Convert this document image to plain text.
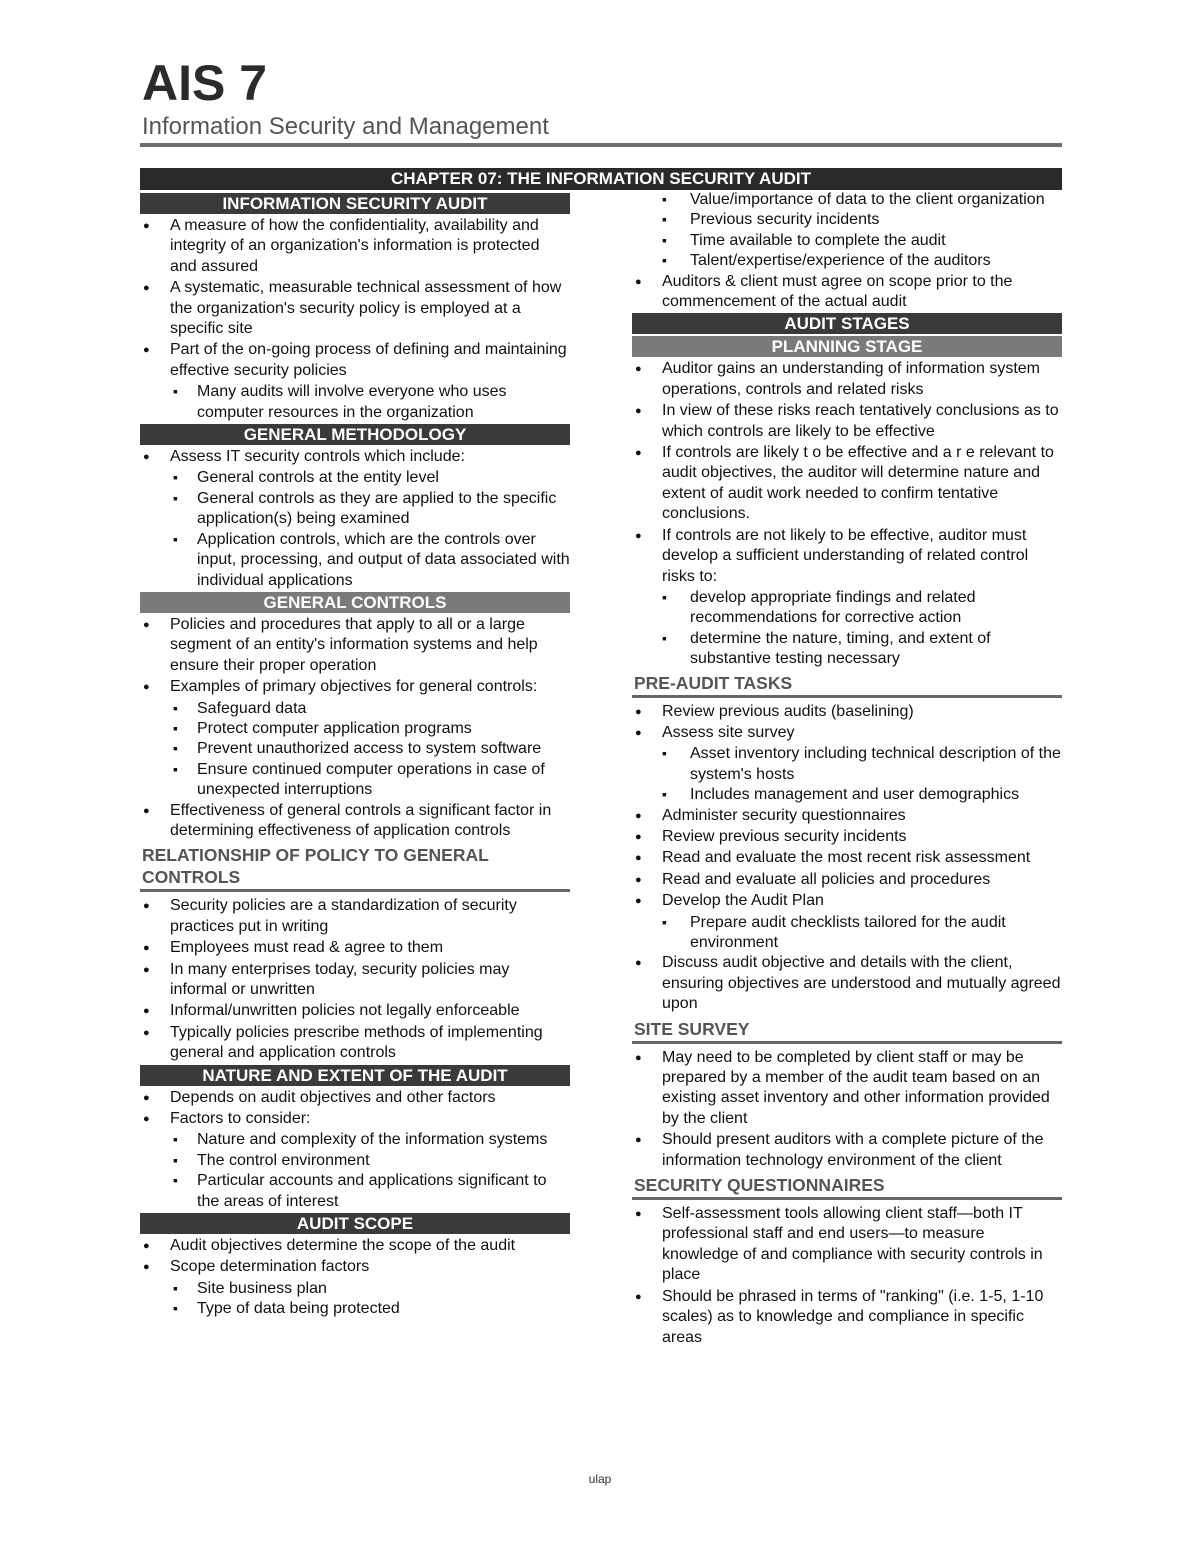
AIS 7
Information Security and Management
CHAPTER 07: THE INFORMATION SECURITY AUDIT
INFORMATION SECURITY AUDIT
● A measure of how the confidentiality, availability and integrity of an organization's information is protected and assured
● A systematic, measurable technical assessment of how the organization's security policy is employed at a specific site
● Part of the on-going process of defining and maintaining effective security policies
▪ Many audits will involve everyone who uses computer resources in the organization
GENERAL METHODOLOGY
● Assess IT security controls which include:
▪ General controls at the entity level
▪ General controls as they are applied to the specific application(s) being examined
▪ Application controls, which are the controls over input, processing, and output of data associated with individual applications
GENERAL CONTROLS
● Policies and procedures that apply to all or a large segment of an entity's information systems and help ensure their proper operation
● Examples of primary objectives for general controls:
▪ Safeguard data
▪ Protect computer application programs
▪ Prevent unauthorized access to system software
▪ Ensure continued computer operations in case of unexpected interruptions
● Effectiveness of general controls a significant factor in determining effectiveness of application controls
RELATIONSHIP OF POLICY TO GENERAL CONTROLS
● Security policies are a standardization of security practices put in writing
● Employees must read & agree to them
● In many enterprises today, security policies may informal or unwritten
● Informal/unwritten policies not legally enforceable
● Typically policies prescribe methods of implementing general and application controls
NATURE AND EXTENT OF THE AUDIT
● Depends on audit objectives and other factors
● Factors to consider:
▪ Nature and complexity of the information systems
▪ The control environment
▪ Particular accounts and applications significant to the areas of interest
AUDIT SCOPE
● Audit objectives determine the scope of the audit
● Scope determination factors
▪ Site business plan
▪ Type of data being protected
▪ Value/importance of data to the client organization
▪ Previous security incidents
▪ Time available to complete the audit
▪ Talent/expertise/experience of the auditors
● Auditors & client must agree on scope prior to the commencement of the actual audit
AUDIT STAGES
PLANNING STAGE
● Auditor gains an understanding of information system operations, controls and related risks
● In view of these risks reach tentatively conclusions as to which controls are likely to be effective
● If controls are likely t o be effective and a r e relevant to audit objectives, the auditor will determine nature and extent of audit work needed to confirm tentative conclusions.
● If controls are not likely to be effective, auditor must develop a sufficient understanding of related control risks to:
▪ develop appropriate findings and related recommendations for corrective action
▪ determine the nature, timing, and extent of substantive testing necessary
PRE-AUDIT TASKS
● Review previous audits (baselining)
● Assess site survey
▪ Asset inventory including technical description of the system's hosts
▪ Includes management and user demographics
● Administer security questionnaires
● Review previous security incidents
● Read and evaluate the most recent risk assessment
● Read and evaluate all policies and procedures
● Develop the Audit Plan
▪ Prepare audit checklists tailored for the audit environment
● Discuss audit objective and details with the client, ensuring objectives are understood and mutually agreed upon
SITE SURVEY
● May need to be completed by client staff or may be prepared by a member of the audit team based on an existing asset inventory and other information provided by the client
● Should present auditors with a complete picture of the information technology environment of the client
SECURITY QUESTIONNAIRES
● Self-assessment tools allowing client staff—both IT professional staff and end users—to measure knowledge of and compliance with security controls in place
● Should be phrased in terms of "ranking" (i.e. 1-5, 1-10 scales) as to knowledge and compliance in specific areas
ulap
